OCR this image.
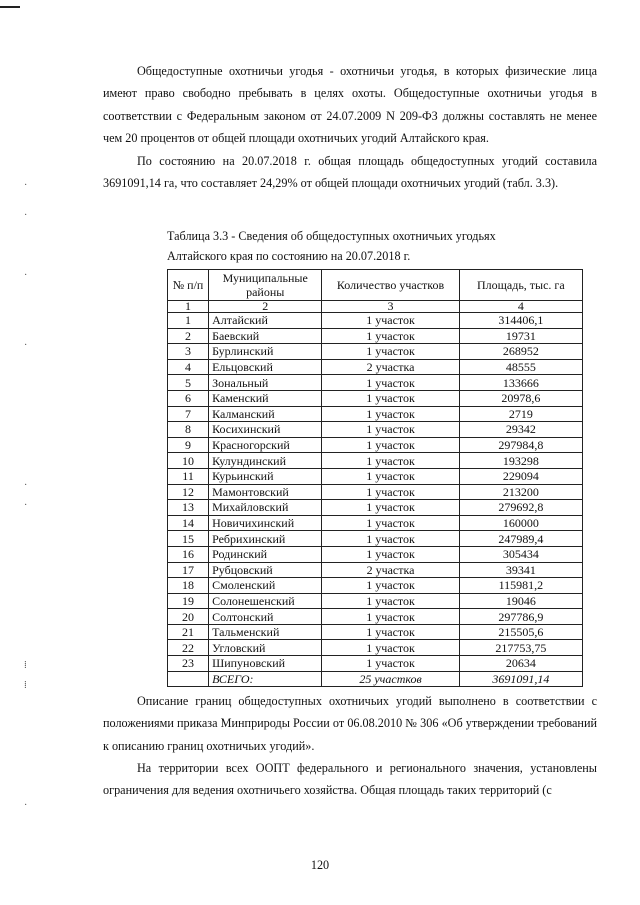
·
·
·
·
·
·
⁞
⁞
·

Общедоступные охотничьи угодья - охотничьи угодья, в которых физические лица имеют право свободно пребывать в целях охоты. Общедоступные охотничьи угодья в соответствии с Федеральным законом от 24.07.2009 N 209-ФЗ должны составлять не менее чем 20 процентов от общей площади охотничьих угодий Алтайского края.

По состоянию на 20.07.2018 г. общая площадь общедоступных угодий составила 3691091,14 га, что составляет 24,29% от общей площади охотничьих угодий (табл. 3.3).

Таблица 3.3 - Сведения об общедоступных охотничьих угодьях
Алтайского края по состоянию на 20.07.2018 г.
№ п/п	Муниципальные районы	Количество участков	Площадь, тыс. га
1	2	3	4
1	Алтайский	1 участок	314406,1
2	Баевский	1 участок	19731
3	Бурлинский	1 участок	268952
4	Ельцовский	2 участка	48555
5	Зональный	1 участок	133666
6	Каменский	1 участок	20978,6
7	Калманский	1 участок	2719
8	Косихинский	1 участок	29342
9	Красногорский	1 участок	297984,8
10	Кулундинский	1 участок	193298
11	Курьинский	1 участок	229094
12	Мамонтовский	1 участок	213200
13	Михайловский	1 участок	279692,8
14	Новичихинский	1 участок	160000
15	Ребрихинский	1 участок	247989,4
16	Родинский	1 участок	305434
17	Рубцовский	2 участка	39341
18	Смоленский	1 участок	115981,2
19	Солонешенский	1 участок	19046
20	Солтонский	1 участок	297786,9
21	Тальменский	1 участок	215505,6
22	Угловский	1 участок	217753,75
23	Шипуновский	1 участок	20634
	ВСЕГО:	25 участков	3691091,14

Описание границ общедоступных охотничьих угодий выполнено в соответствии с положениями приказа Минприроды России от 06.08.2010 № 306 «Об утверждении требований к описанию границ охотничьих угодий».

На территории всех ООПТ федерального и регионального значения, установлены ограничения для ведения охотничьего хозяйства. Общая площадь таких территорий (с

120
